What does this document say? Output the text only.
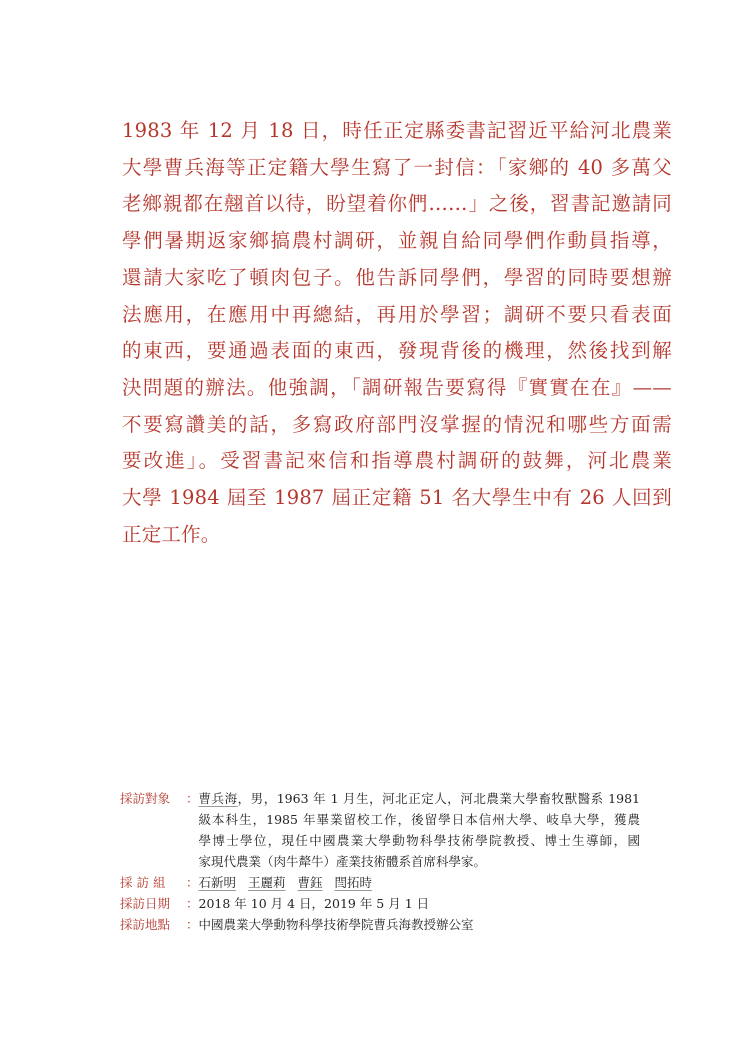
1983 年 12 月 18 日，時任正定縣委書記習近平給河北農業
大學曹兵海等正定籍大學生寫了一封信：「家鄉的 40 多萬父
老鄉親都在翹首以待，盼望着你們……」之後，習書記邀請同
學們暑期返家鄉搞農村調研，並親自給同學們作動員指導，
還請大家吃了頓肉包子。他告訴同學們，學習的同時要想辦
法應用，在應用中再總結，再用於學習；調研不要只看表面
的東西，要通過表面的東西，發現背後的機理，然後找到解
決問題的辦法。他強調，「調研報告要寫得『實實在在』——
不要寫讚美的話，多寫政府部門沒掌握的情況和哪些方面需
要改進」。受習書記來信和指導農村調研的鼓舞，河北農業
大學 1984 屆至 1987 屆正定籍 51 名大學生中有 26 人回到
正定工作。
採訪對象	： 曹兵海，男，1963 年 1 月生，河北正定人，河北農業大學畜牧獸醫系 1981
級本科生，1985 年畢業留校工作，後留學日本信州大學、岐阜大學，獲農
學博士學位，現任中國農業大學動物科學技術學院教授、博士生導師，國
家現代農業（肉牛犛牛）產業技術體系首席科學家。
採 訪 組	： 石新明 王麗莉 曹鈺 閆拓時
採訪日期	： 2018 年 10 月 4 日，2019 年 5 月 1 日
採訪地點	： 中國農業大學動物科學技術學院曹兵海教授辦公室
